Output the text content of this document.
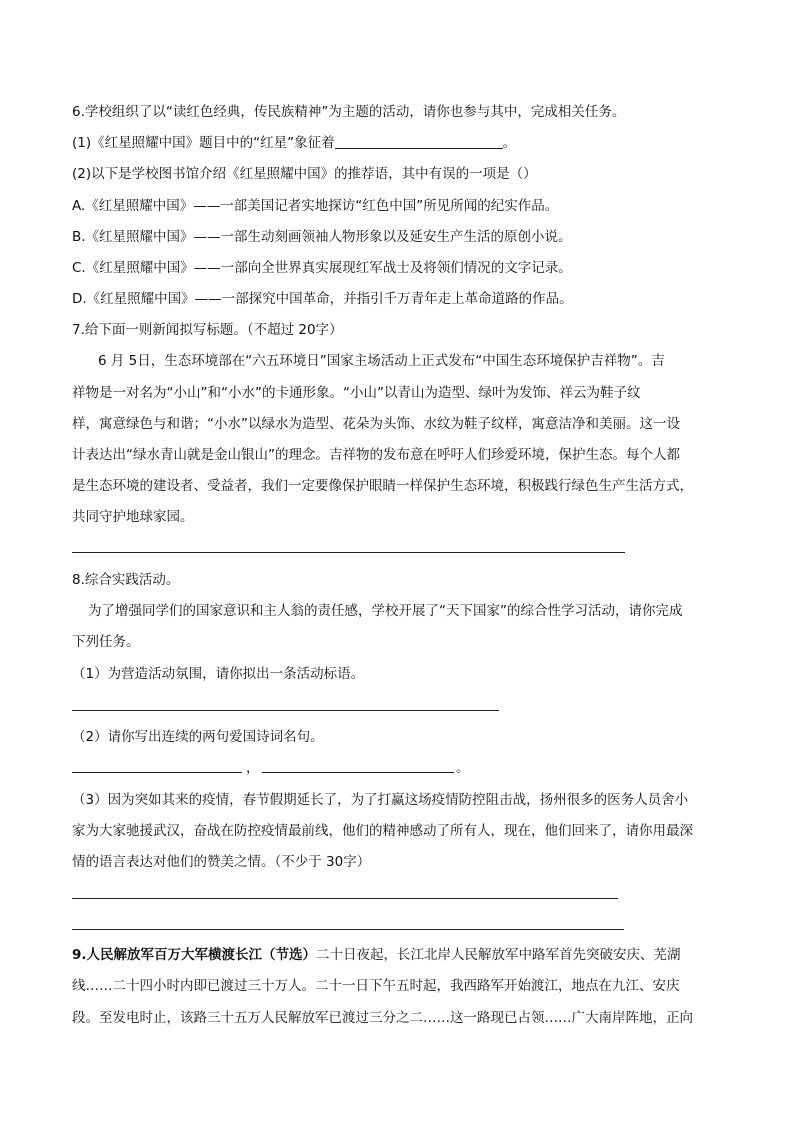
6.学校组织了以“读红色经典，传民族精神”为主题的活动，请你也参与其中，完成相关任务。
(1)《红星照耀中国》题目中的“红星”象征着	。
(2)以下是学校图书馆介绍《红星照耀中国》的推荐语，其中有误的一项是（）
A.《红星照耀中国》——一部美国记者实地探访“红色中国”所见所闻的纪实作品。
B.《红星照耀中国》——一部生动刻画领袖人物形象以及延安生产生活的原创小说。
C.《红星照耀中国》——一部向全世界真实展现红军战士及将领们情况的文字记录。
D.《红星照耀中国》——一部探究中国革命，并指引千万青年走上革命道路的作品。
7.给下面一则新闻拟写标题。（不超过 20字）
6 月 5日，生态环境部在“六五环境日”国家主场活动上正式发布“中国生态环境保护吉祥物”。吉
祥物是一对名为“小山”和“小水”的卡通形象。“小山”以青山为造型、绿叶为发饰、祥云为鞋子纹
样，寓意绿色与和谐；“小水”以绿水为造型、花朵为头饰、水纹为鞋子纹样，寓意洁净和美丽。这一设
计表达出“绿水青山就是金山银山”的理念。吉祥物的发布意在呼吁人们珍爱环境，保护生态。每个人都
是生态环境的建设者、受益者，我们一定要像保护眼睛一样保护生态环境，积极践行绿色生产生活方式，
共同守护地球家园。
8.综合实践活动。
为了增强同学们的国家意识和主人翁的责任感，学校开展了“天下国家”的综合性学习活动，请你完成
下列任务。
（1）为营造活动氛围，请你拟出一条活动标语。
（2）请你写出连续的两句爱国诗词名句。
，	。
（3）因为突如其来的疫情，春节假期延长了，为了打赢这场疫情防控阻击战，扬州很多的医务人员舍小
家为大家驰援武汉，奋战在防控疫情最前线，他们的精神感动了所有人，现在，他们回来了，请你用最深
情的语言表达对他们的赞美之情。（不少于 30字）
9.人民解放军百万大军横渡长江（节选）二十日夜起，长江北岸人民解放军中路军首先突破安庆、芜湖
线……二十四小时内即已渡过三十万人。二十一日下午五时起，我西路军开始渡江，地点在九江、安庆
段。至发电时止，该路三十五万人民解放军已渡过三分之二……这一路现已占领……广大南岸阵地，正向
